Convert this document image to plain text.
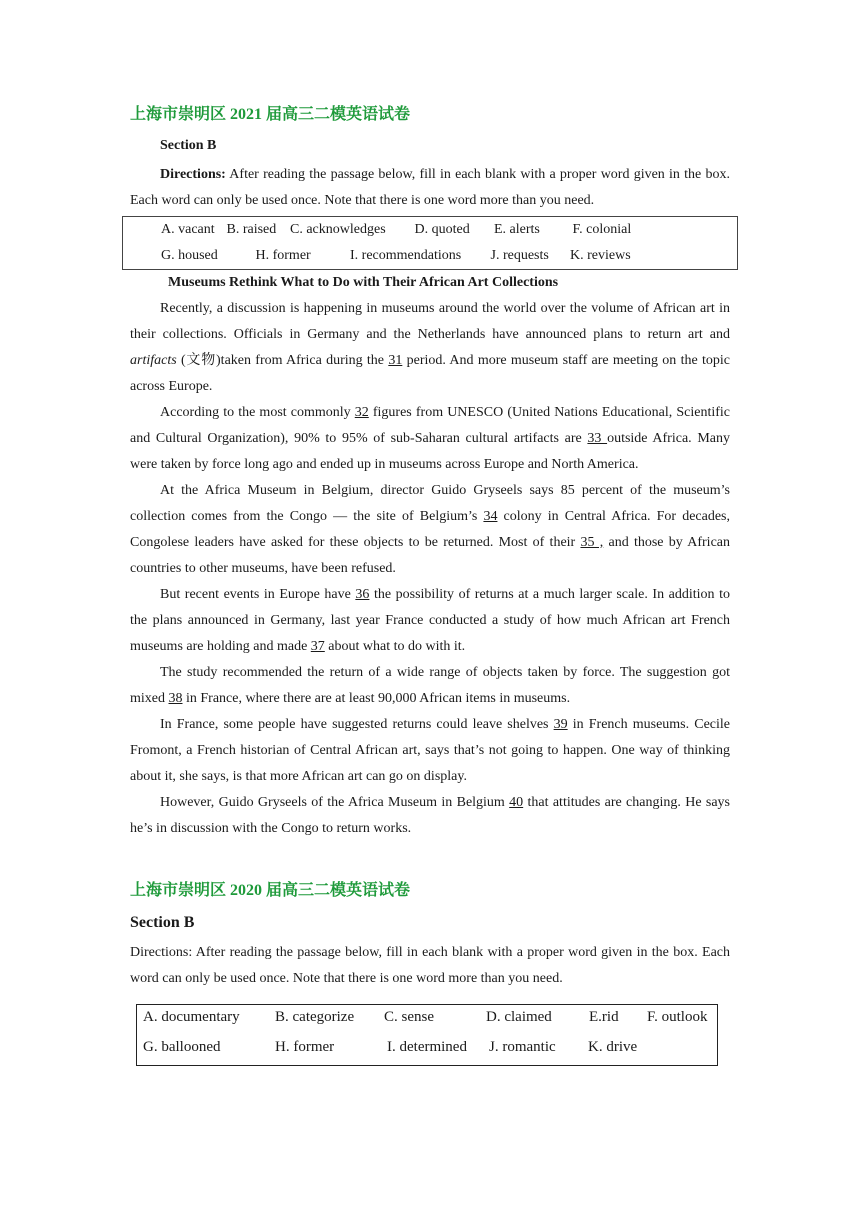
上海市崇明区 2021 届高三二模英语试卷
Section B

Directions: After reading the passage below, fill in each blank with a proper word given in the box. Each word can only be used once. Note that there is one word more than you need.

A. vacant B. raised C. acknowledges D. quoted E. alerts F. colonial
G. housed	H. former	I. recommendations J. requests K. reviews
Museums Rethink What to Do with Their African Art Collections

Recently, a discussion is happening in museums around the world over the volume of African art in their collections. Officials in Germany and the Netherlands have announced plans to return art and artifacts (文物)taken from Africa during the 31 period. And more museum staff are meeting on the topic across Europe.

According to the most commonly 32 figures from UNESCO (United Nations Educational, Scientific and Cultural Organization), 90% to 95% of sub-Saharan cultural artifacts are 33 outside Africa. Many were taken by force long ago and ended up in museums across Europe and North America.

At the Africa Museum in Belgium, director Guido Gryseels says 85 percent of the museum’s collection comes from the Congo — the site of Belgium’s 34 colony in Central Africa. For decades, Congolese leaders have asked for these objects to be returned. Most of their 35 , and those by African countries to other museums, have been refused.

But recent events in Europe have 36 the possibility of returns at a much larger scale. In addition to the plans announced in Germany, last year France conducted a study of how much African art French museums are holding and made 37 about what to do with it.

The study recommended the return of a wide range of objects taken by force. The suggestion got mixed 38 in France, where there are at least 90,000 African items in museums.

In France, some people have suggested returns could leave shelves 39 in French museums. Cecile Fromont, a French historian of Central African art, says that’s not going to happen. One way of thinking about it, she says, is that more African art can go on display.

However, Guido Gryseels of the Africa Museum in Belgium 40 that attitudes are changing. He says he’s in discussion with the Congo to return works.

上海市崇明区 2020 届高三二模英语试卷
Section B

Directions: After reading the passage below, fill in each blank with a proper word given in the box. Each word can only be used once. Note that there is one word more than you need.

A. documentary B. categorize C. sense	D. claimed E.rid F. outlook
G. ballooned	H. former	I. determined J. romantic K. drive
